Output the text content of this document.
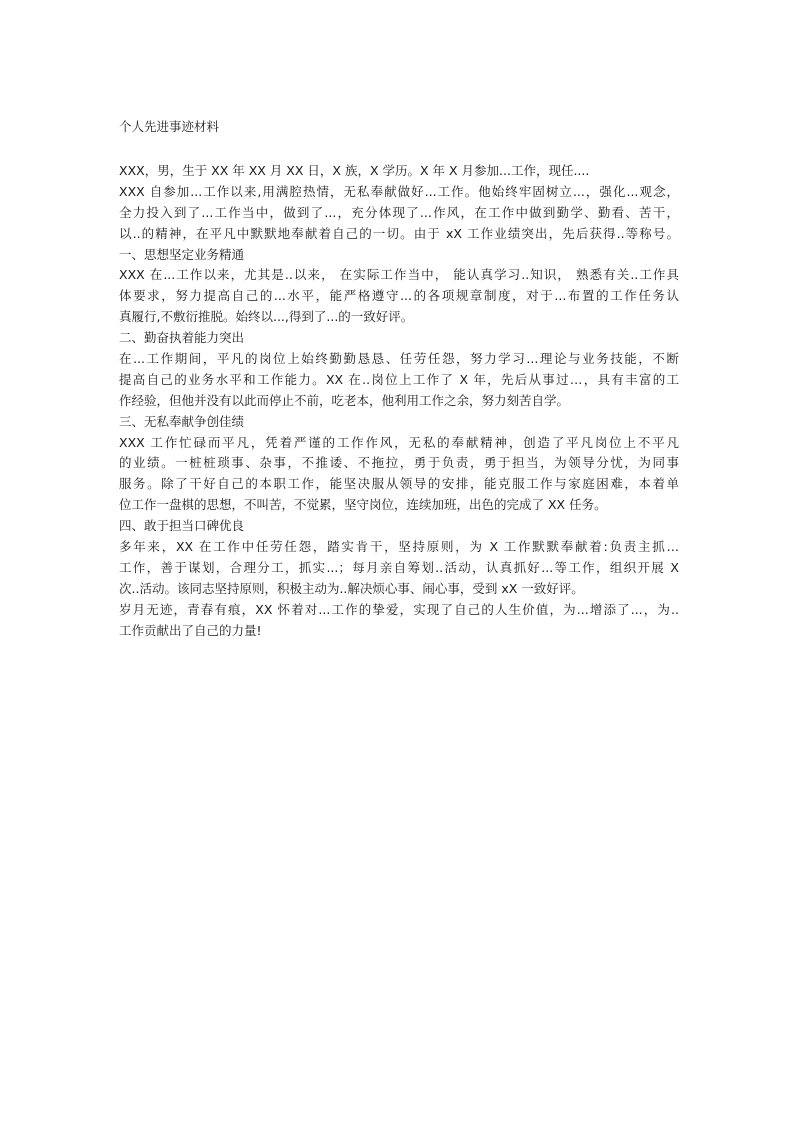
个人先进事迹材料
XXX，男，生于 XX 年 XX 月 XX 日，X 族，X 学历。X 年 X 月参加...工作，现任....
XXX 自参加...工作以来,用满腔热情，无私奉献做好...工作。他始终牢固树立...，强化...观念，
全力投入到了...工作当中，做到了...，充分体现了...作风，在工作中做到勤学、勤看、苦干，
以..的精神，在平凡中默默地奉献着自己的一切。由于 xX 工作业绩突出，先后获得..等称号。
一、思想坚定业务精通
XXX 在...工作以来，尤其是..以来， 在实际工作当中， 能认真学习..知识， 熟悉有关..工作具
体要求，努力提高自己的...水平，能严格遵守...的各项规章制度，对于...布置的工作任务认
真履行,不敷衍推脱。始终以...,得到了...的一致好评。
二、勤奋执着能力突出
在...工作期间，平凡的岗位上始终勤勤恳恳、任劳任怨，努力学习...理论与业务技能，不断
提高自己的业务水平和工作能力。XX 在..岗位上工作了 X 年，先后从事过…，具有丰富的工
作经验，但他并没有以此而停止不前，吃老本，他利用工作之余，努力刻苦自学。
三、无私奉献争创佳绩
XXX 工作忙碌而平凡，凭着严谨的工作作风，无私的奉献精神，创造了平凡岗位上不平凡
的业绩。一桩桩琐事、杂事，不推诿、不拖拉，勇于负责，勇于担当，为领导分忧，为同事
服务。除了干好自己的本职工作，能坚决服从领导的安排，能克服工作与家庭困难，本着单
位工作一盘棋的思想，不叫苦，不觉累，坚守岗位，连续加班，出色的完成了 XX 任务。
四、敢于担当口碑优良
多年来，XX 在工作中任劳任怨，踏实肯干，坚持原则，为 X 工作默默奉献着:负责主抓…
工作，善于谋划，合理分工，抓实...；每月亲自筹划..活动，认真抓好...等工作，组织开展 X
次..活动。该同志坚持原则，积极主动为..解决烦心事、闹心事，受到 xX 一致好评。
岁月无迹，青春有痕，XX 怀着对...工作的挚爱，实现了自己的人生价值，为...增添了...，为..
工作贡献出了自己的力量!
